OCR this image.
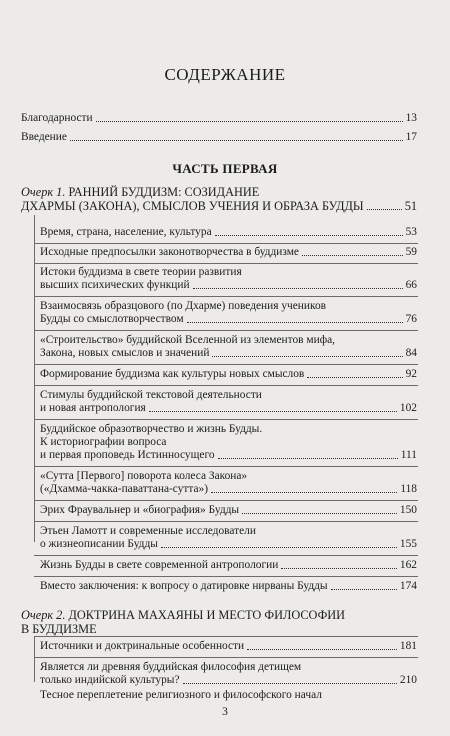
СОДЕРЖАНИЕ
Благодарности	13
Введение	17
ЧАСТЬ ПЕРВАЯ
Очерк 1. РАННИЙ БУДДИЗМ: СОЗИДАНИЕ
ДХАРМЫ (ЗАКОНА), СМЫСЛОВ УЧЕНИЯ И ОБРАЗА БУДДЫ	51
Время, страна, население, культура	53
Исходные предпосылки законотворчества в буддизме	59
Истоки буддизма в свете теории развития
высших психических функций	66
Взаимосвязь образцового (по Дхарме) поведения учеников
Будды со смыслотворчеством	76
«Строительство» буддийской Вселенной из элементов мифа,
Закона, новых смыслов и значений	84
Формирование буддизма как культуры новых смыслов	92
Стимулы буддийской текстовой деятельности
и новая антропология	102
Буддийское образотворчество и жизнь Будды.
К историографии вопроса
и первая проповедь Истинносущего	111
«Сутта [Первого] поворота колеса Закона»
(«Дхамма-чакка-паваттана-сутта»)	118
Эрих Фраувальнер и «биография» Будды	150
Этьен Ламотт и современные исследователи
о жизнеописании Будды	155
Жизнь Будды в свете современной антропологии	162
Вместо заключения: к вопросу о датировке нирваны Будды	174
Очерк 2. ДОКТРИНА МАХАЯНЫ И МЕСТО ФИЛОСОФИИ
В БУДДИЗМЕ
Источники и доктринальные особенности	181
Является ли древняя буддийская философия детищем
только индийской культуры?	210
Тесное переплетение религиозного и философского начал
3
